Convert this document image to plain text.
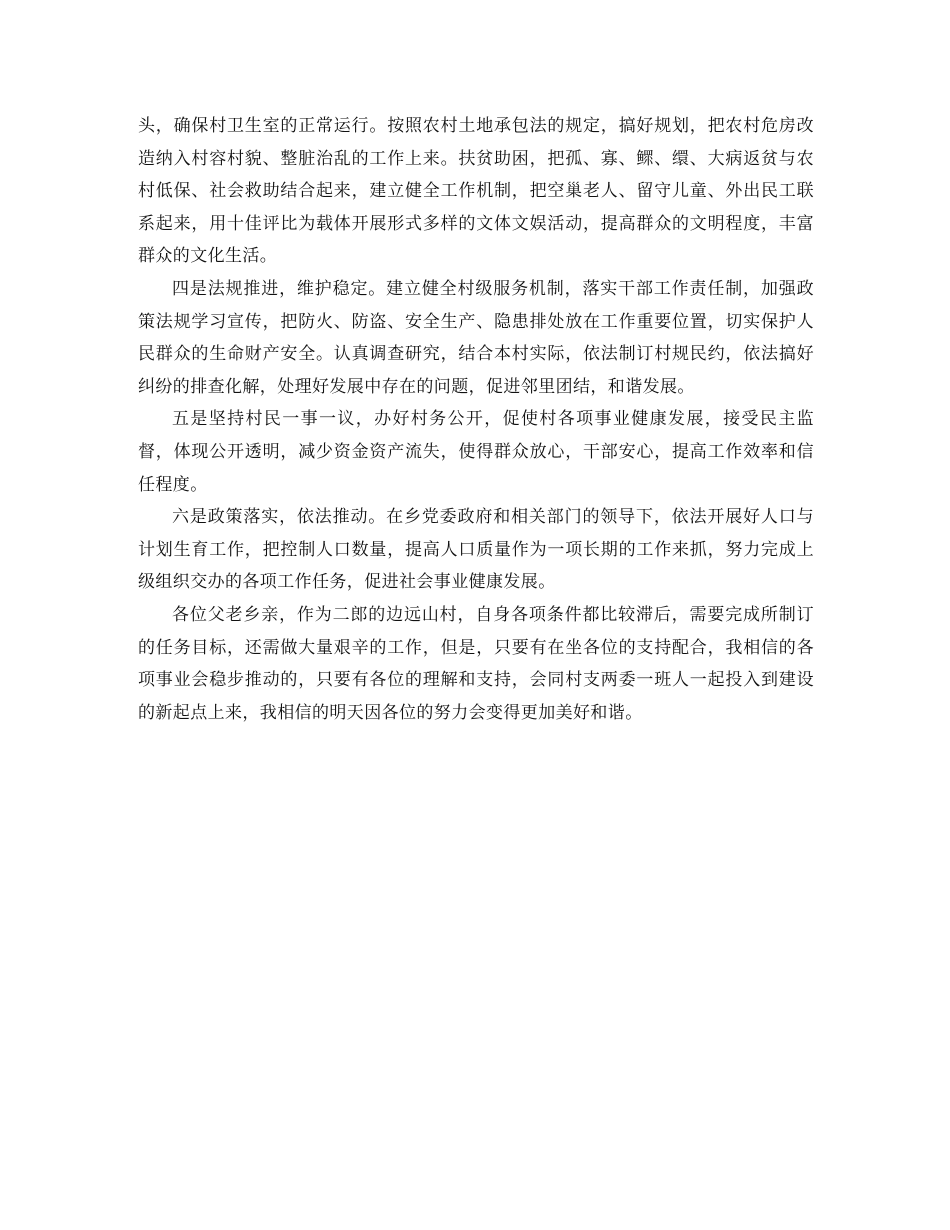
头，确保村卫生室的正常运行。按照农村土地承包法的规定，搞好规划，把农村危房改造纳入村容村貌、整脏治乱的工作上来。扶贫助困，把孤、寡、鳏、缳、大病返贫与农村低保、社会救助结合起来，建立健全工作机制，把空巢老人、留守儿童、外出民工联系起来，用十佳评比为载体开展形式多样的文体文娱活动，提高群众的文明程度，丰富群众的文化生活。

四是法规推进，维护稳定。建立健全村级服务机制，落实干部工作责任制，加强政策法规学习宣传，把防火、防盗、安全生产、隐患排处放在工作重要位置，切实保护人民群众的生命财产安全。认真调查研究，结合本村实际，依法制订村规民约，依法搞好纠纷的排查化解，处理好发展中存在的问题，促进邻里团结，和谐发展。

五是坚持村民一事一议，办好村务公开，促使村各项事业健康发展，接受民主监督，体现公开透明，减少资金资产流失，使得群众放心，干部安心，提高工作效率和信任程度。

六是政策落实，依法推动。在乡党委政府和相关部门的领导下，依法开展好人口与计划生育工作，把控制人口数量，提高人口质量作为一项长期的工作来抓，努力完成上级组织交办的各项工作任务，促进社会事业健康发展。

各位父老乡亲，作为二郎的边远山村，自身各项条件都比较滞后，需要完成所制订的任务目标，还需做大量艰辛的工作，但是，只要有在坐各位的支持配合，我相信的各项事业会稳步推动的，只要有各位的理解和支持，会同村支两委一班人一起投入到建设的新起点上来，我相信的明天因各位的努力会变得更加美好和谐。
